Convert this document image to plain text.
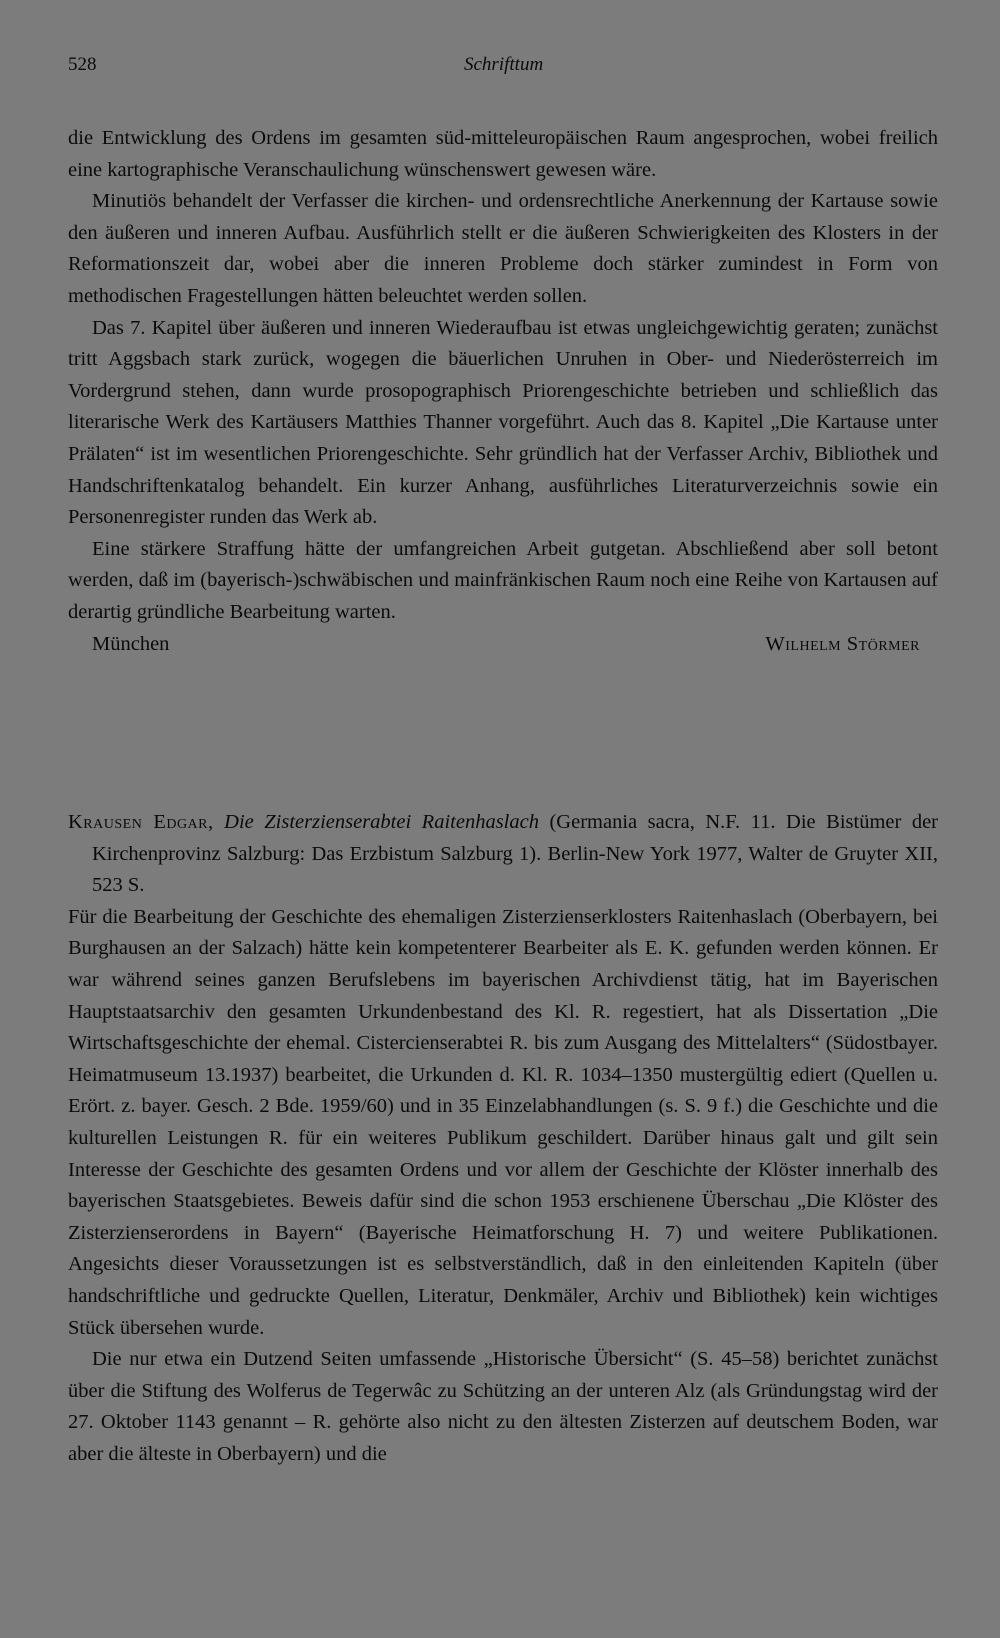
528	Schrifttum

die Entwicklung des Ordens im gesamten süd-mitteleuropäischen Raum angesprochen, wobei freilich eine kartographische Veranschaulichung wünschenswert gewesen wäre.

Minutiös behandelt der Verfasser die kirchen- und ordensrechtliche Anerkennung der Kartause sowie den äußeren und inneren Aufbau. Ausführlich stellt er die äußeren Schwierigkeiten des Klosters in der Reformationszeit dar, wobei aber die inneren Probleme doch stärker zumindest in Form von methodischen Fragestellungen hätten beleuchtet werden sollen.

Das 7. Kapitel über äußeren und inneren Wiederaufbau ist etwas ungleichgewichtig geraten; zunächst tritt Aggsbach stark zurück, wogegen die bäuerlichen Unruhen in Ober- und Niederösterreich im Vordergrund stehen, dann wurde prosopographisch Priorengeschichte betrieben und schließlich das literarische Werk des Kartäusers Matthies Thanner vorgeführt. Auch das 8. Kapitel „Die Kartause unter Prälaten“ ist im wesentlichen Priorengeschichte. Sehr gründlich hat der Verfasser Archiv, Bibliothek und Handschriftenkatalog behandelt. Ein kurzer Anhang, ausführliches Literaturverzeichnis sowie ein Personenregister runden das Werk ab.

Eine stärkere Straffung hätte der umfangreichen Arbeit gutgetan. Abschließend aber soll betont werden, daß im (bayerisch-)schwäbischen und mainfränkischen Raum noch eine Reihe von Kartausen auf derartig gründliche Bearbeitung warten.

München	Wilhelm Störmer

Krausen Edgar, Die Zisterzienserabtei Raitenhaslach (Germania sacra, N.F. 11. Die Bistümer der Kirchenprovinz Salzburg: Das Erzbistum Salzburg 1). Berlin-New York 1977, Walter de Gruyter XII, 523 S.

Für die Bearbeitung der Geschichte des ehemaligen Zisterzienserklosters Raitenhaslach (Oberbayern, bei Burghausen an der Salzach) hätte kein kompetenterer Bearbeiter als E. K. gefunden werden können. Er war während seines ganzen Berufslebens im bayerischen Archivdienst tätig, hat im Bayerischen Hauptstaatsarchiv den gesamten Urkundenbestand des Kl. R. regestiert, hat als Dissertation „Die Wirtschaftsgeschichte der ehemal. Cistercienserabtei R. bis zum Ausgang des Mittelalters“ (Südostbayer. Heimatmuseum 13.1937) bearbeitet, die Urkunden d. Kl. R. 1034–1350 mustergültig ediert (Quellen u. Erört. z. bayer. Gesch. 2 Bde. 1959/60) und in 35 Einzelabhandlungen (s. S. 9 f.) die Geschichte und die kulturellen Leistungen R. für ein weiteres Publikum geschildert. Darüber hinaus galt und gilt sein Interesse der Geschichte des gesamten Ordens und vor allem der Geschichte der Klöster innerhalb des bayerischen Staatsgebietes. Beweis dafür sind die schon 1953 erschienene Überschau „Die Klöster des Zisterzienserordens in Bayern“ (Bayerische Heimatforschung H. 7) und weitere Publikationen. Angesichts dieser Voraussetzungen ist es selbstverständlich, daß in den einleitenden Kapiteln (über handschriftliche und gedruckte Quellen, Literatur, Denkmäler, Archiv und Bibliothek) kein wichtiges Stück übersehen wurde.

Die nur etwa ein Dutzend Seiten umfassende „Historische Übersicht“ (S. 45–58) berichtet zunächst über die Stiftung des Wolferus de Tegerwâc zu Schützing an der unteren Alz (als Gründungstag wird der 27. Oktober 1143 genannt – R. gehörte also nicht zu den ältesten Zisterzen auf deutschem Boden, war aber die älteste in Oberbayern) und die
